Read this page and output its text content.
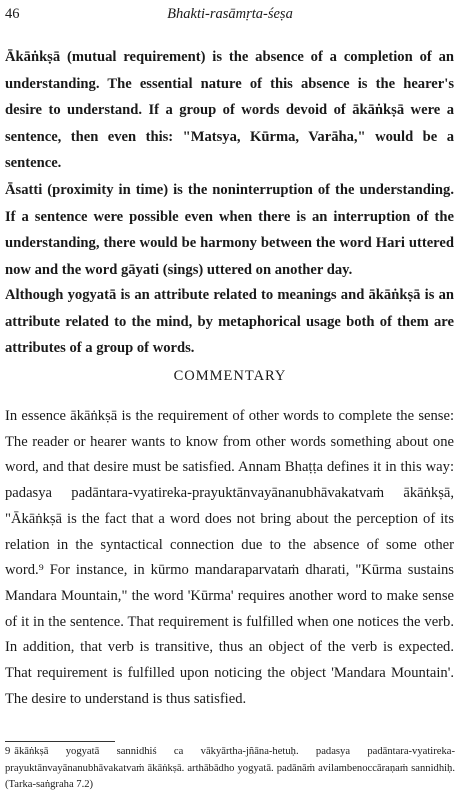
46	Bhakti-rasāmṛta-śeṣa
Ākāṅkṣā (mutual requirement) is the absence of a completion of an understanding. The essential nature of this absence is the hearer's desire to understand. If a group of words devoid of ākāṅkṣā were a sentence, then even this: "Matsya, Kūrma, Varāha," would be a sentence.
Āsatti (proximity in time) is the noninterruption of the understanding. If a sentence were possible even when there is an interruption of the understanding, there would be harmony between the word Hari uttered now and the word gāyati (sings) uttered on another day.
Although yogyatā is an attribute related to meanings and ākāṅkṣā is an attribute related to the mind, by metaphorical usage both of them are attributes of a group of words.
COMMENTARY
In essence ākāṅkṣā is the requirement of other words to complete the sense: The reader or hearer wants to know from other words something about one word, and that desire must be satisfied. Annam Bhaṭṭa defines it in this way: padasya padāntara-vyatireka-prayuktānvayānanubhāvakatvaṁ ākāṅkṣā, "Ākāṅkṣā is the fact that a word does not bring about the perception of its relation in the syntactical connection due to the absence of some other word.⁹ For instance, in kūrmo mandaraparvataṁ dharati, "Kūrma sustains Mandara Mountain," the word 'Kūrma' requires another word to make sense of it in the sentence. That requirement is fulfilled when one notices the verb. In addition, that verb is transitive, thus an object of the verb is expected. That requirement is fulfilled upon noticing the object 'Mandara Mountain'. The desire to understand is thus satisfied.
9 ākāṅkṣā yogyatā sannidhiś ca vākyārtha-jñāna-hetuḥ. padasya padāntara-vyatireka-prayuktānvayānanubhāvakatvaṁ ākāṅkṣā. arthābādho yogyatā. padānāṁ avilambenoccāraṇaṁ sannidhiḥ. (Tarka-saṅgraha 7.2)
